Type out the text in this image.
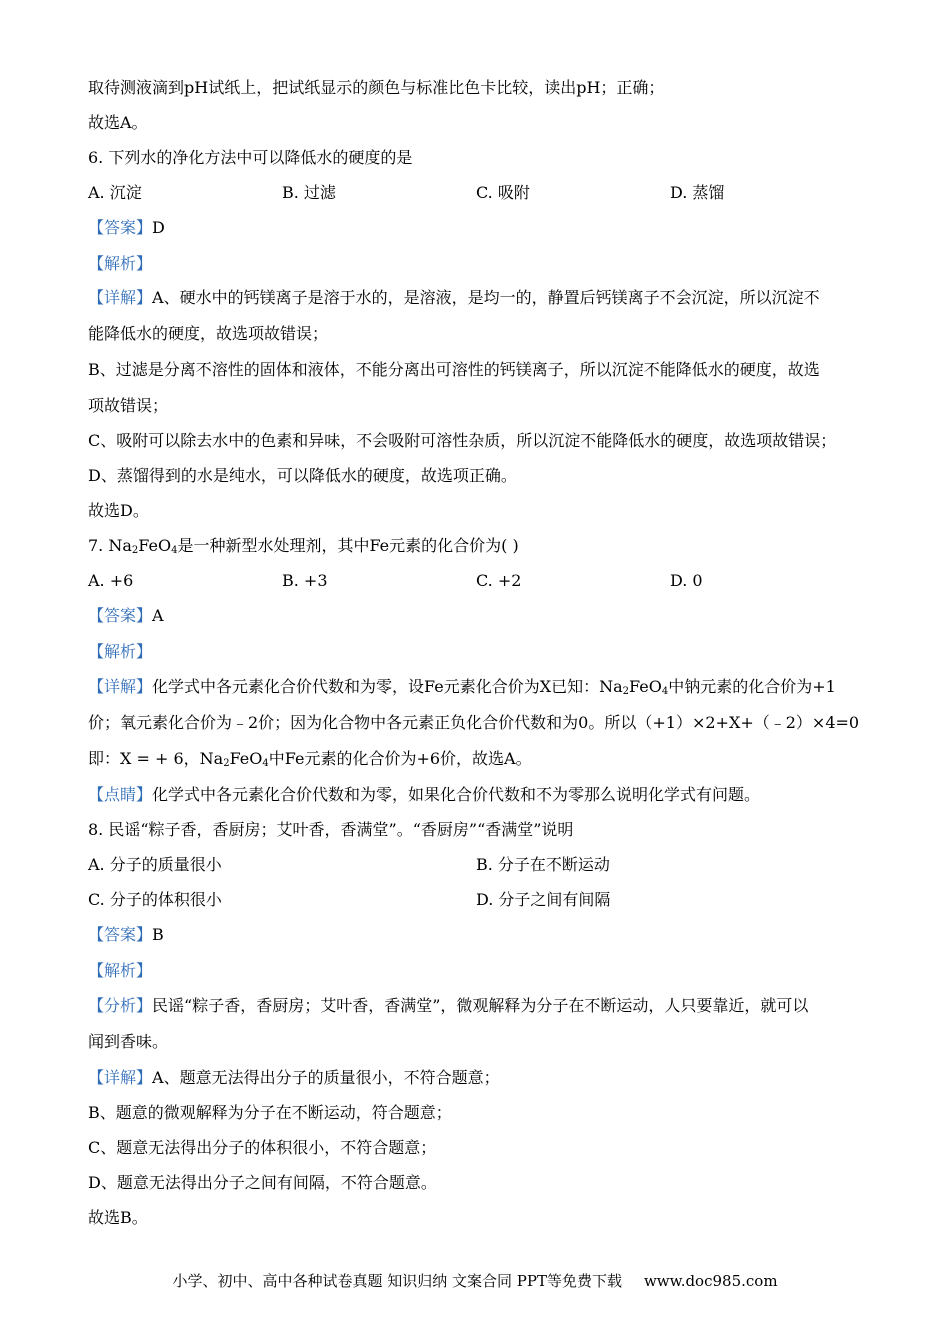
取待测液滴到pH试纸上，把试纸显示的颜色与标准比色卡比较，读出pH；正确；
故选A。
6. 下列水的净化方法中可以降低水的硬度的是
A. 沉淀	B. 过滤	C. 吸附	D. 蒸馏
【答案】D
【解析】
【详解】A、硬水中的钙镁离子是溶于水的，是溶液，是均一的，静置后钙镁离子不会沉淀，所以沉淀不
能降低水的硬度，故选项故错误；
B、过滤是分离不溶性的固体和液体，不能分离出可溶性的钙镁离子，所以沉淀不能降低水的硬度，故选
项故错误；
C、吸附可以除去水中的色素和异味，不会吸附可溶性杂质，所以沉淀不能降低水的硬度，故选项故错误；
D、蒸馏得到的水是纯水，可以降低水的硬度，故选项正确。
故选D。
7. $Na_2FeO_4$是一种新型水处理剂，其中Fe元素的化合价为( )
A. +6	B. +3	C. +2	D. 0
【答案】A
【解析】
【详解】化学式中各元素化合价代数和为零，设Fe元素化合价为X已知：$Na_2FeO_4$中钠元素的化合价为+1
价；氧元素化合价为﹣2价；因为化合物中各元素正负化合价代数和为0。所以（+1）×2+X+（﹣2）×4=0
即：X = + 6，$Na_2FeO_4$中Fe元素的化合价为+6价，故选A。
【点睛】化学式中各元素化合价代数和为零，如果化合价代数和不为零那么说明化学式有问题。
8. 民谣“粽子香，香厨房；艾叶香，香满堂”。“香厨房”“香满堂”说明
A. 分子的质量很小	B. 分子在不断运动
C. 分子的体积很小	D. 分子之间有间隔
【答案】B
【解析】
【分析】民谣“粽子香，香厨房；艾叶香，香满堂”，微观解释为分子在不断运动，人只要靠近，就可以
闻到香味。
【详解】A、题意无法得出分子的质量很小，不符合题意；
B、题意的微观解释为分子在不断运动，符合题意；
C、题意无法得出分子的体积很小，不符合题意；
D、题意无法得出分子之间有间隔，不符合题意。
故选B。
小学、初中、高中各种试卷真题 知识归纳 文案合同 PPT等免费下载 www.doc985.com
